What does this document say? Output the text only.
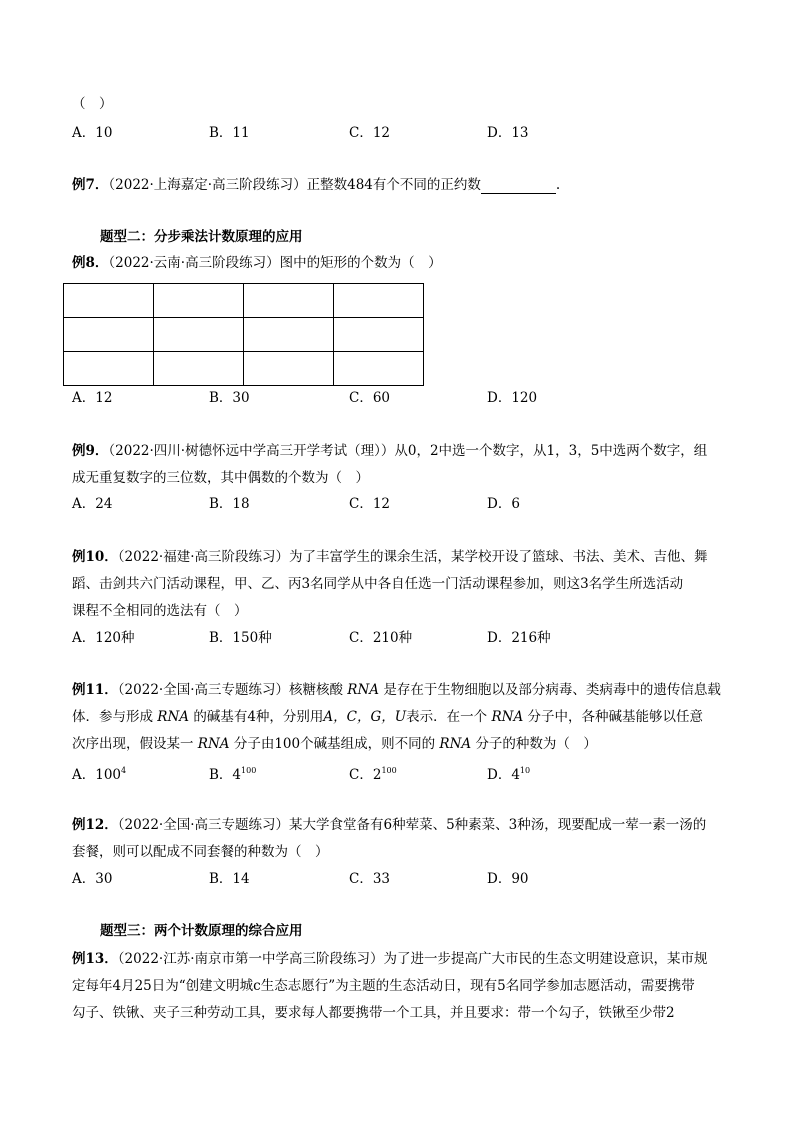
（　）
A．10	B．11	C．12	D．13
例7．（2022·上海嘉定·高三阶段练习）正整数484有个不同的正约数	.
题型二：分步乘法计数原理的应用
例8．（2022·云南·高三阶段练习）图中的矩形的个数为（　）

A．12	B．30	C．60	D．120
例9．（2022·四川·树德怀远中学高三开学考试（理））从0，2中选一个数字，从1，3，5中选两个数字，组
成无重复数字的三位数，其中偶数的个数为（　）
A．24	B．18	C．12	D．6
例10．（2022·福建·高三阶段练习）为了丰富学生的课余生活，某学校开设了篮球、书法、美术、吉他、舞
蹈、击剑共六门活动课程，甲、乙、丙3名同学从中各自任选一门活动课程参加，则这3名学生所选活动
课程不全相同的选法有（　）
A．120种	B．150种	C．210种	D．216种
例11．（2022·全国·高三专题练习）核糖核酸 RNA 是存在于生物细胞以及部分病毒、类病毒中的遗传信息载
体．参与形成 RNA 的碱基有4种，分别用A，C，G，U表示．在一个 RNA 分子中，各种碱基能够以任意
次序出现，假设某一 RNA 分子由100个碱基组成，则不同的 RNA 分子的种数为（　）
A．$100^4$	B．$4^{100}$	C．$2^{100}$	D．$4^{10}$
例12．（2022·全国·高三专题练习）某大学食堂备有6种荤菜、5种素菜、3种汤，现要配成一荤一素一汤的
套餐，则可以配成不同套餐的种数为（　）
A．30	B．14	C．33	D．90
题型三：两个计数原理的综合应用
例13．（2022·江苏·南京市第一中学高三阶段练习）为了进一步提高广大市民的生态文明建设意识，某市规
定每年4月25日为“创建文明城c生态志愿行”为主题的生态活动日，现有5名同学参加志愿活动，需要携带
勾子、铁锹、夹子三种劳动工具，要求每人都要携带一个工具，并且要求：带一个勾子，铁锹至少带2
